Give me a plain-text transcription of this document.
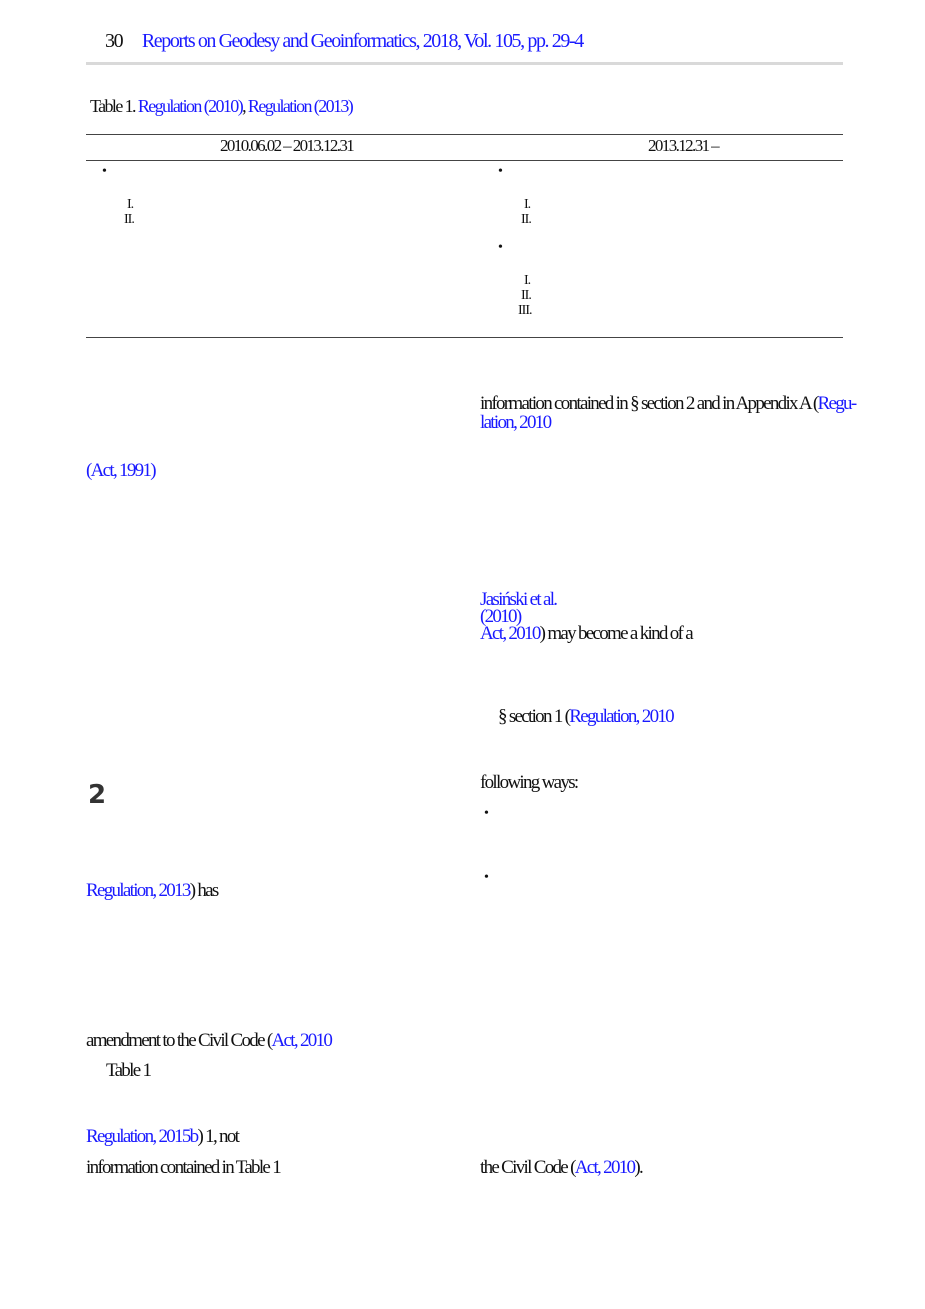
30 Reports on Geodesy and Geoinformatics, 2018, Vol. 105, pp. 29-4
Table 1. Regulation (2010), Regulation (2013)
2010.06.02 – 2013.12.31	2013.12.31 –
•
I.
II.
•
I.
II.
•
I.
II.
III.
(Act, 1991)
2
Regulation, 2013) has
amendment to the Civil Code (Act, 2010
Table 1
Regulation, 2015b) 1, not
information contained in Table 1
information contained in § section 2 and in Appendix A (Regu-
lation, 2010
Jasiński et al.
(2010)
Act, 2010) may become a kind of a
§ section 1 (Regulation, 2010
following ways:
•
•
the Civil Code (Act, 2010).
